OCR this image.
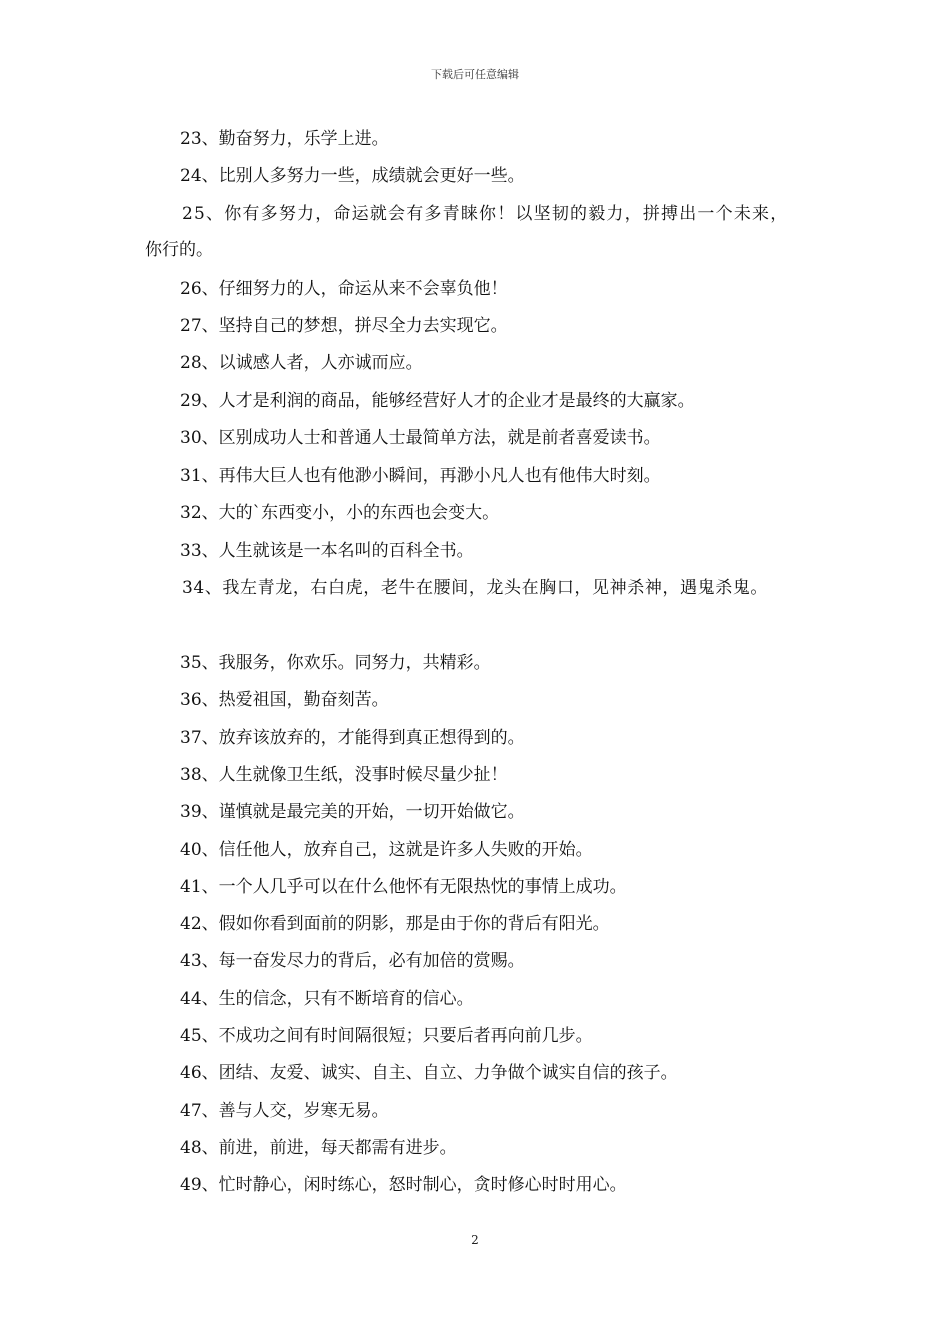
下载后可任意编辑
23、勤奋努力，乐学上进。
24、比别人多努力一些，成绩就会更好一些。
25、你有多努力，命运就会有多青睐你！以坚韧的毅力，拼搏出一个未来，
你行的。
26、仔细努力的人，命运从来不会辜负他！
27、坚持自己的梦想，拼尽全力去实现它。
28、以诚感人者，人亦诚而应。
29、人才是利润的商品，能够经营好人才的企业才是最终的大赢家。
30、区别成功人士和普通人士最简单方法，就是前者喜爱读书。
31、再伟大巨人也有他渺小瞬间，再渺小凡人也有他伟大时刻。
32、大的`东西变小，小的东西也会变大。
33、人生就该是一本名叫的百科全书。
34、我左青龙，右白虎，老牛在腰间，龙头在胸口，见神杀神，遇鬼杀鬼。
35、我服务，你欢乐。同努力，共精彩。
36、热爱祖国，勤奋刻苦。
37、放弃该放弃的，才能得到真正想得到的。
38、人生就像卫生纸，没事时候尽量少扯！
39、谨慎就是最完美的开始，一切开始做它。
40、信任他人，放弃自己，这就是许多人失败的开始。
41、一个人几乎可以在什么他怀有无限热忱的事情上成功。
42、假如你看到面前的阴影，那是由于你的背后有阳光。
43、每一奋发尽力的背后，必有加倍的赏赐。
44、生的信念，只有不断培育的信心。
45、不成功之间有时间隔很短；只要后者再向前几步。
46、团结、友爱、诚实、自主、自立、力争做个诚实自信的孩子。
47、善与人交，岁寒无易。
48、前进，前进，每天都需有进步。
49、忙时静心，闲时练心，怒时制心，贪时修心时时用心。
2
